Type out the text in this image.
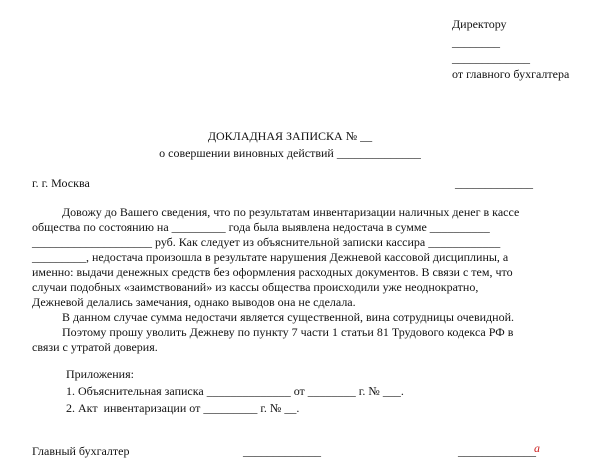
Директору
________
_____________
от главного бухгалтера
ДОКЛАДНАЯ ЗАПИСКА № __
о совершении виновных действий ______________
г. г. Москва	_____________
Довожу до Вашего сведения, что по результатам инвентаризации наличных денег в кассе
общества по состоянию на _________ года была выявлена недостача в сумме __________
____________________ руб. Как следует из объяснительной записки кассира ____________
_________, недостача произошла в результате нарушения Дежневой кассовой дисциплины, а
именно: выдачи денежных средств без оформления расходных документов. В связи с тем, что
случаи подобных «заимствований» из кассы общества происходили уже неоднократно,
Дежневой делались замечания, однако выводов она не сделала.
В данном случае сумма недостачи является существенной, вина сотрудницы очевидной.
Поэтому прошу уволить Дежневу по пункту 7 части 1 статьи 81 Трудового кодекса РФ в
связи с утратой доверия.
Приложения:
1. Объяснительная записка ______________ от ________ г. № ___.
2. Акт  инвентаризации от _________ г. № __.
Главный бухгалтер	_____________	_____________
а
